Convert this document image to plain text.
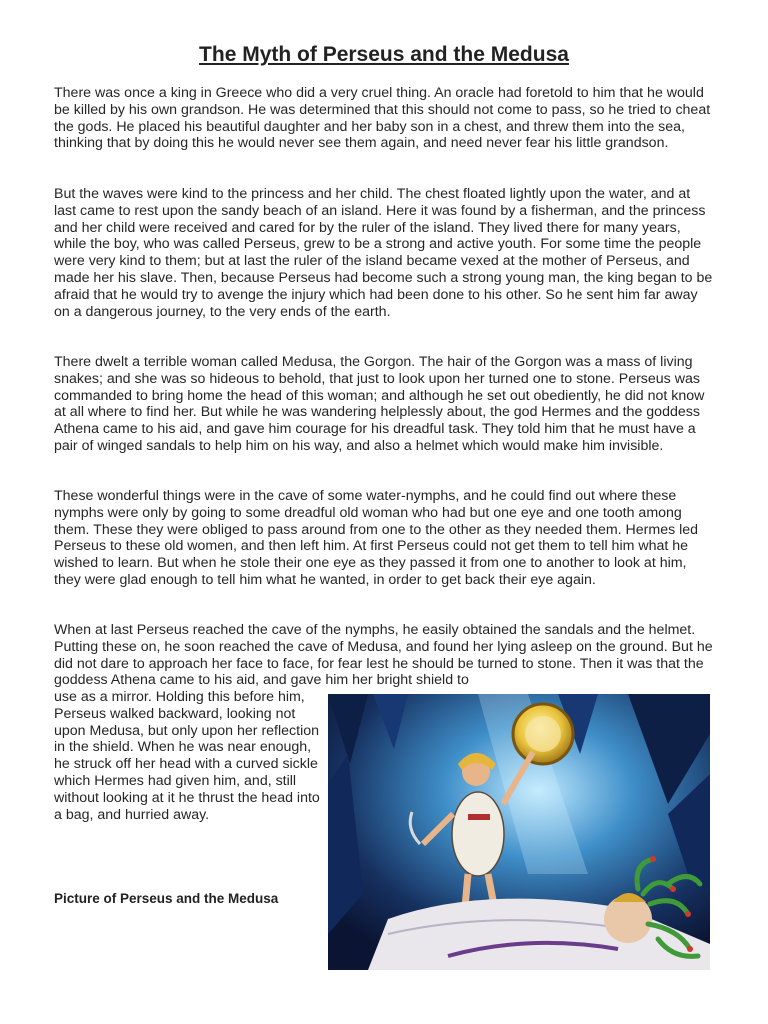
The Myth of Perseus and the Medusa

There was once a king in Greece who did a very cruel thing. An oracle had foretold to him that he would be killed by his own grandson. He was determined that this should not come to pass, so he tried to cheat the gods. He placed his beautiful daughter and her baby son in a chest, and threw them into the sea, thinking that by doing this he would never see them again, and need never fear his little grandson.

But the waves were kind to the princess and her child. The chest floated lightly upon the water, and at last came to rest upon the sandy beach of an island. Here it was found by a fisherman, and the princess and her child were received and cared for by the ruler of the island. They lived there for many years, while the boy, who was called Perseus, grew to be a strong and active youth. For some time the people were very kind to them; but at last the ruler of the island became vexed at the mother of Perseus, and made her his slave. Then, because Perseus had become such a strong young man, the king began to be afraid that he would try to avenge the injury which had been done to his other. So he sent him far away on a dangerous journey, to the very ends of the earth.

There dwelt a terrible woman called Medusa, the Gorgon. The hair of the Gorgon was a mass of living snakes; and she was so hideous to behold, that just to look upon her turned one to stone. Perseus was commanded to bring home the head of this woman; and although he set out obediently, he did not know at all where to find her. But while he was wandering helplessly about, the god Hermes and the goddess Athena came to his aid, and gave him courage for his dreadful task. They told him that he must have a pair of winged sandals to help him on his way, and also a helmet which would make him invisible.

These wonderful things were in the cave of some water-nymphs, and he could find out where these nymphs were only by going to some dreadful old woman who had but one eye and one tooth among them. These they were obliged to pass around from one to the other as they needed them. Hermes led Perseus to these old women, and then left him. At first Perseus could not get them to tell him what he wished to learn. But when he stole their one eye as they passed it from one to another to look at him, they were glad enough to tell him what he wanted, in order to get back their eye again.

When at last Perseus reached the cave of the nymphs, he easily obtained the sandals and the helmet. Putting these on, he soon reached the cave of Medusa, and found her lying asleep on the ground. But he did not dare to approach her face to face, for fear lest he should be turned to stone. Then it was that the goddess Athena came to his aid, and gave him her bright shield to

use as a mirror. Holding this before him, Perseus walked backward, looking not upon Medusa, but only upon her reflection in the shield. When he was near enough, he struck off her head with a curved sickle which Hermes had given him, and, still without looking at it he thrust the head into a bag, and hurried away.

Picture of Perseus and the Medusa
